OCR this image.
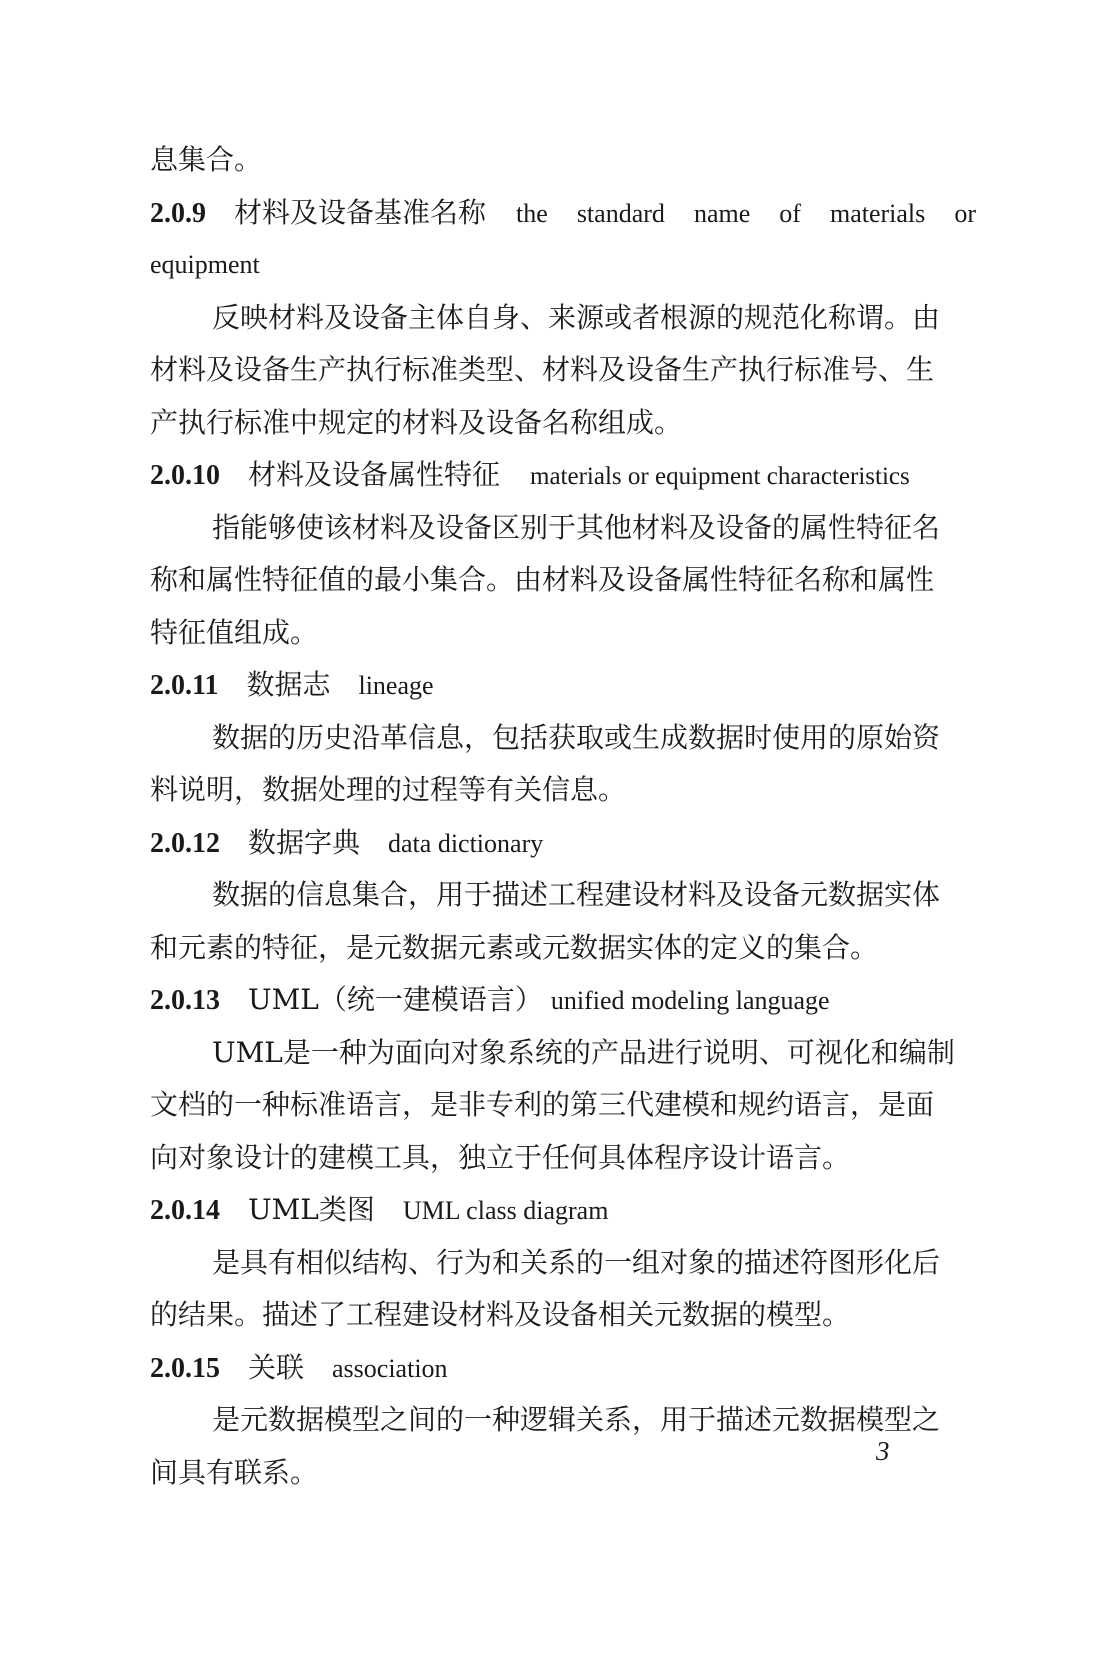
息集合。
2.0.9 材料及设备基准名称 the standard name of materials or
equipment
反映材料及设备主体自身、来源或者根源的规范化称谓。由
材料及设备生产执行标准类型、材料及设备生产执行标准号、生
产执行标准中规定的材料及设备名称组成。
2.0.10 材料及设备属性特征 materials or equipment characteristics
指能够使该材料及设备区别于其他材料及设备的属性特征名
称和属性特征值的最小集合。由材料及设备属性特征名称和属性
特征值组成。
2.0.11 数据志 lineage
数据的历史沿革信息，包括获取或生成数据时使用的原始资
料说明，数据处理的过程等有关信息。
2.0.12 数据字典 data dictionary
数据的信息集合，用于描述工程建设材料及设备元数据实体
和元素的特征，是元数据元素或元数据实体的定义的集合。
2.0.13 UML（统一建模语言） unified modeling language
UML是一种为面向对象系统的产品进行说明、可视化和编制
文档的一种标准语言，是非专利的第三代建模和规约语言，是面
向对象设计的建模工具，独立于任何具体程序设计语言。
2.0.14 UML类图 UML class diagram
是具有相似结构、行为和关系的一组对象的描述符图形化后
的结果。描述了工程建设材料及设备相关元数据的模型。
2.0.15 关联 association
是元数据模型之间的一种逻辑关系，用于描述元数据模型之
间具有联系。
3
